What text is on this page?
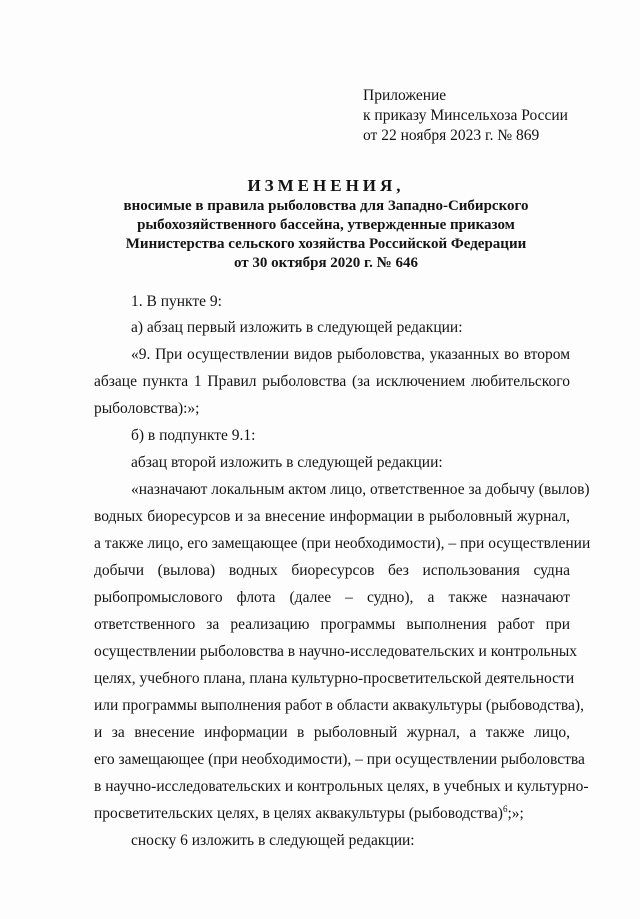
Приложение
к приказу Минсельхоза России
от 22 ноября 2023 г. № 869
ИЗМЕНЕНИЯ,
вносимые в правила рыболовства для Западно-Сибирского
рыбохозяйственного бассейна, утвержденные приказом
Министерства сельского хозяйства Российской Федерации
от 30 октября 2020 г. № 646
1. В пункте 9:
а) абзац первый изложить в следующей редакции:
«9. При осуществлении видов рыболовства, указанных во втором
абзаце пункта 1 Правил рыболовства (за исключением любительского
рыболовства):»;
б) в подпункте 9.1:
абзац второй изложить в следующей редакции:
«назначают локальным актом лицо, ответственное за добычу (вылов)
водных биоресурсов и за внесение информации в рыболовный журнал,
а также лицо, его замещающее (при необходимости), – при осуществлении
добычи (вылова) водных биоресурсов без использования судна
рыбопромыслового флота (далее – судно), а также назначают
ответственного за реализацию программы выполнения работ при
осуществлении рыболовства в научно-исследовательских и контрольных
целях, учебного плана, плана культурно-просветительской деятельности
или программы выполнения работ в области аквакультуры (рыбоводства),
и за внесение информации в рыболовный журнал, а также лицо,
его замещающее (при необходимости), – при осуществлении рыболовства
в научно-исследовательских и контрольных целях, в учебных и культурно-
просветительских целях, в целях аквакультуры (рыбоводства)$^6$;»;
сноску 6 изложить в следующей редакции:
